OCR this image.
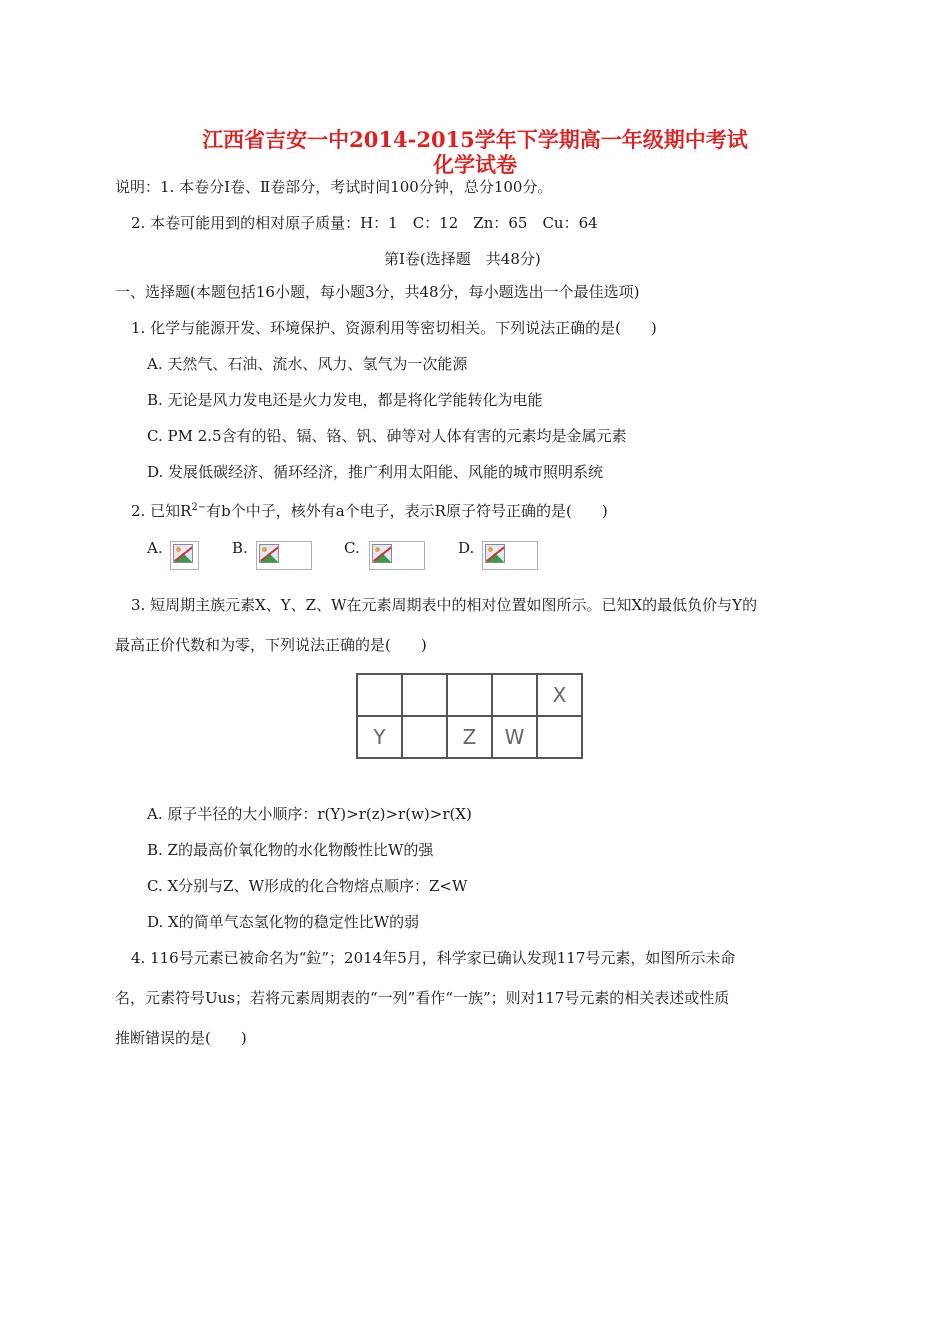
江西省吉安一中2014-2015学年下学期高一年级期中考试
化学试卷
说明：1. 本卷分Ⅰ卷、Ⅱ卷部分，考试时间100分钟，总分100分。
2. 本卷可能用到的相对原子质量：H：1　C：12　Zn：65　Cu：64
第Ⅰ卷(选择题　共48分)
一、选择题(本题包括16小题，每小题3分，共48分，每小题选出一个最佳选项)
1. 化学与能源开发、环境保护、资源利用等密切相关。下列说法正确的是(　　)
A. 天然气、石油、流水、风力、氢气为一次能源
B. 无论是风力发电还是火力发电，都是将化学能转化为电能
C. PM 2.5含有的铅、镉、铬、钒、砷等对人体有害的元素均是金属元素
D. 发展低碳经济、循环经济，推广利用太阳能、风能的城市照明系统
2. 已知$R^{2-}$有b个中子，核外有a个电子，表示R原子符号正确的是(　　)
A.	B.	C.	D.
3. 短周期主族元素X、Y、Z、W在元素周期表中的相对位置如图所示。已知X的最低负价与Y的
最高正价代数和为零，下列说法正确的是(　　)
				X
Y		Z	W	
A. 原子半径的大小顺序：r(Y)>r(z)>r(w)>r(X)
B. Z的最高价氧化物的水化物酸性比W的强
C. X分别与Z、W形成的化合物熔点顺序：Z<W
D. X的简单气态氢化物的稳定性比W的弱
4. 116号元素已被命名为“鉝”；2014年5月，科学家已确认发现117号元素，如图所示未命
名，元素符号Uus；若将元素周期表的“一列”看作“一族”；则对117号元素的相关表述或性质
推断错误的是(　　)
